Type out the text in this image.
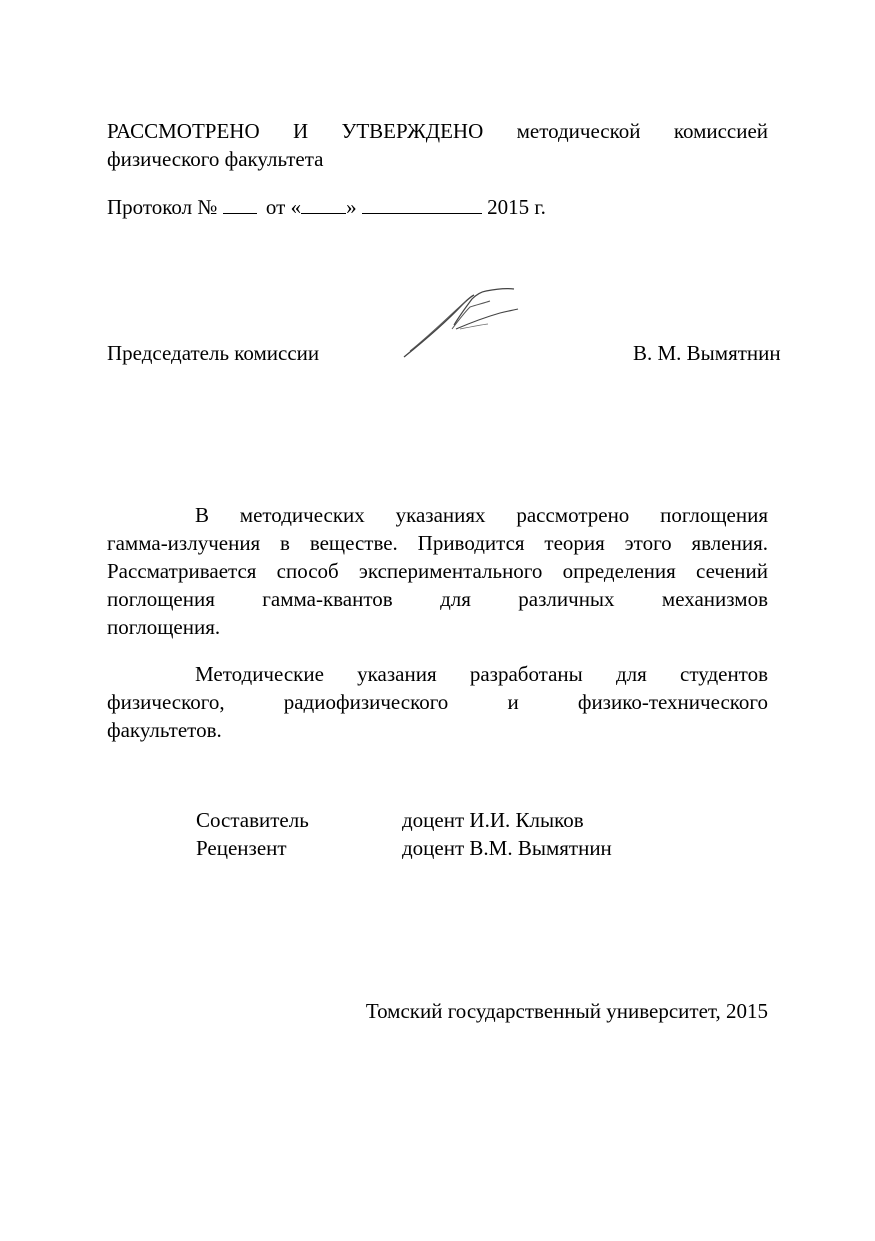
РАССМОТРЕНО И УТВЕРЖДЕНО методической комиссией
физического факультета
Протокол № от « »	2015 г.
Председатель комиссии	В. М. Вымятнин
В методических указаниях рассмотрено поглощения
гамма-излучения в веществе. Приводится теория этого явления.
Рассматривается способ экспериментального определения сечений
поглощения гамма-квантов для различных механизмов
поглощения.
Методические указания разработаны для студентов
физического, радиофизического и физико-технического
факультетов.
Составитель	доцент И.И. Клыков
Рецензент	доцент В.М. Вымятнин
Томский государственный университет, 2015
